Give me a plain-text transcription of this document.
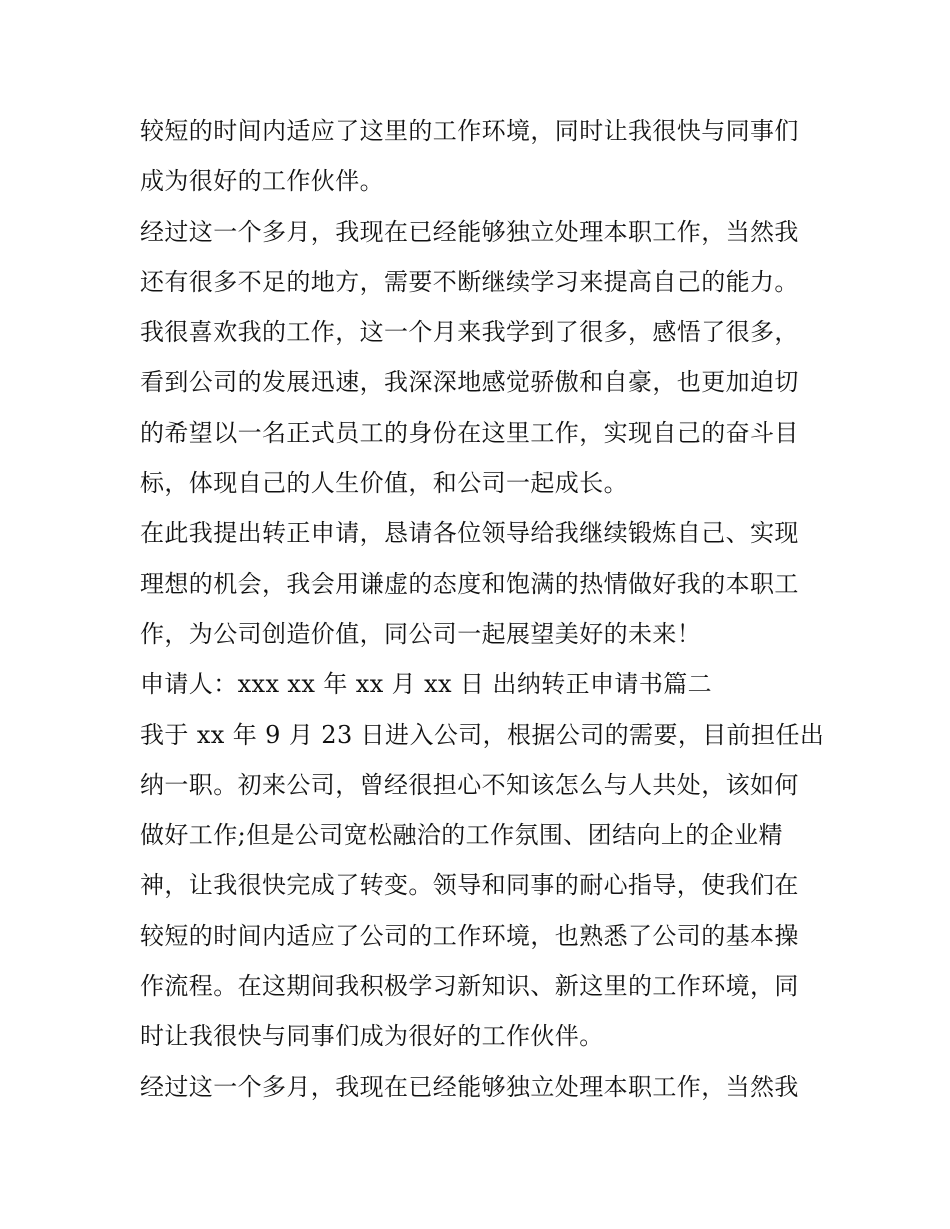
较短的时间内适应了这里的工作环境，同时让我很快与同事们
成为很好的工作伙伴。
经过这一个多月，我现在已经能够独立处理本职工作，当然我
还有很多不足的地方，需要不断继续学习来提高自己的能力。
我很喜欢我的工作，这一个月来我学到了很多，感悟了很多，
看到公司的发展迅速，我深深地感觉骄傲和自豪，也更加迫切
的希望以一名正式员工的身份在这里工作，实现自己的奋斗目
标，体现自己的人生价值，和公司一起成长。
在此我提出转正申请，恳请各位领导给我继续锻炼自己、实现
理想的机会，我会用谦虚的态度和饱满的热情做好我的本职工
作，为公司创造价值，同公司一起展望美好的未来！
申请人：xxx xx 年 xx 月 xx 日 出纳转正申请书篇二
我于 xx 年 9 月 23 日进入公司，根据公司的需要，目前担任出
纳一职。初来公司，曾经很担心不知该怎么与人共处，该如何
做好工作;但是公司宽松融洽的工作氛围、团结向上的企业精
神，让我很快完成了转变。领导和同事的耐心指导，使我们在
较短的时间内适应了公司的工作环境，也熟悉了公司的基本操
作流程。在这期间我积极学习新知识、新这里的工作环境，同
时让我很快与同事们成为很好的工作伙伴。
经过这一个多月，我现在已经能够独立处理本职工作，当然我
